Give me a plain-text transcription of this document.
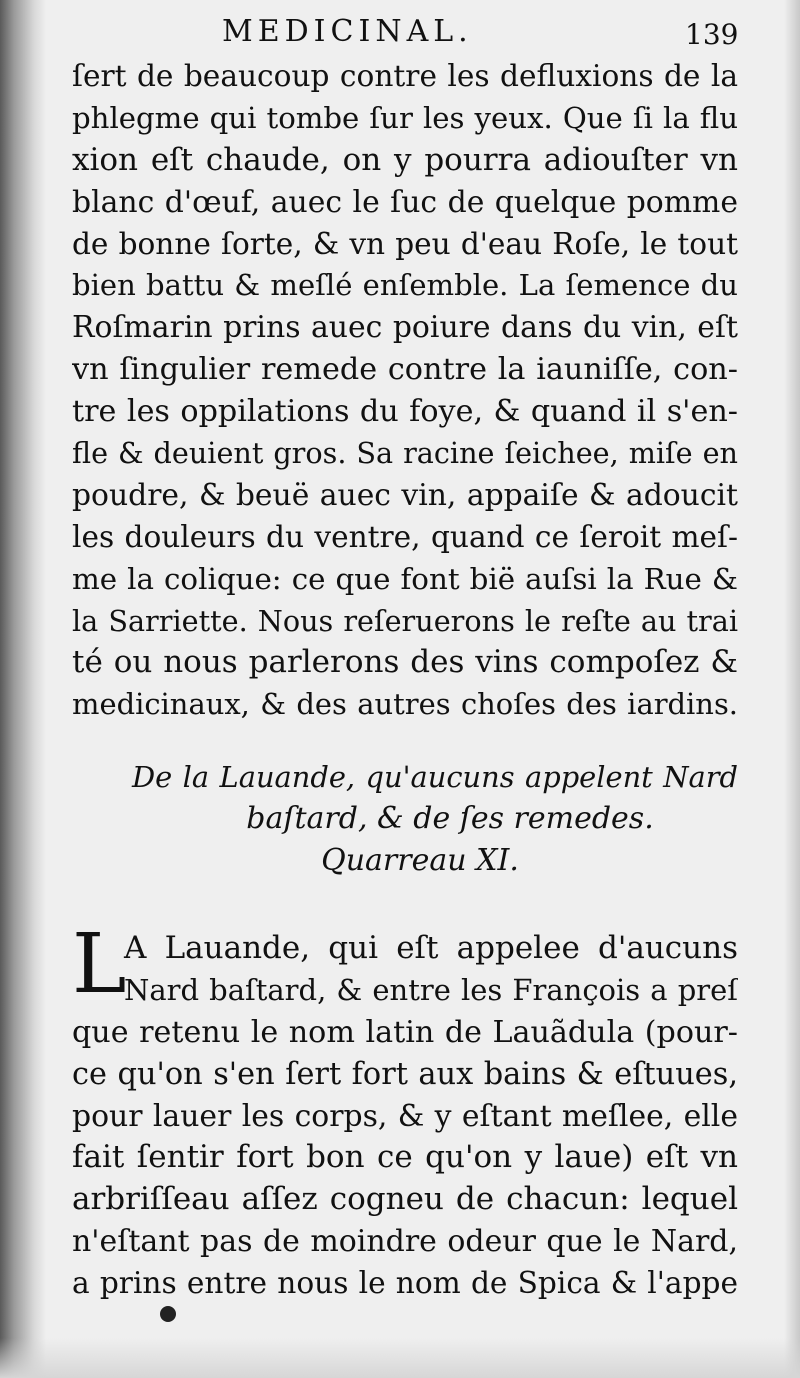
MEDICINAL.	139
ſert de beaucoup contre les defluxions de la
phlegme qui tombe ſur les yeux. Que ſi la flu
xion eſt chaude, on y pourra adiouſter vn
blanc d'œuf, auec le ſuc de quelque pomme
de bonne ſorte, & vn peu d'eau Roſe, le tout
bien battu & meſlé enſemble. La ſemence du
Roſmarin prins auec poiure dans du vin, eſt
vn ſingulier remede contre la iauniſſe, con-
tre les oppilations du foye, & quand il s'en-
fle & deuient gros. Sa racine ſeichee, miſe en
poudre, & beuë auec vin, appaiſe & adoucit
les douleurs du ventre, quand ce ſeroit meſ-
me la colique: ce que font bië auſsi la Rue &
la Sarriette. Nous reſeruerons le reſte au trai
té ou nous parlerons des vins compoſez &
medicinaux, & des autres choſes des iardins.

De la Lauande, qu'aucuns appelent Nard
baſtard, & de ſes remedes.
Quarreau XI.
L
A Lauande, qui eſt appelee d'aucuns
Nard baſtard, & entre les François a preſ
que retenu le nom latin de Lauãdula (pour-
ce qu'on s'en ſert fort aux bains & eſtuues,
pour lauer les corps, & y eſtant meſlee, elle
fait ſentir fort bon ce qu'on y laue) eſt vn
arbriſſeau aſſez cogneu de chacun: lequel
n'eſtant pas de moindre odeur que le Nard,
a prins entre nous le nom de Spica & l'appe
